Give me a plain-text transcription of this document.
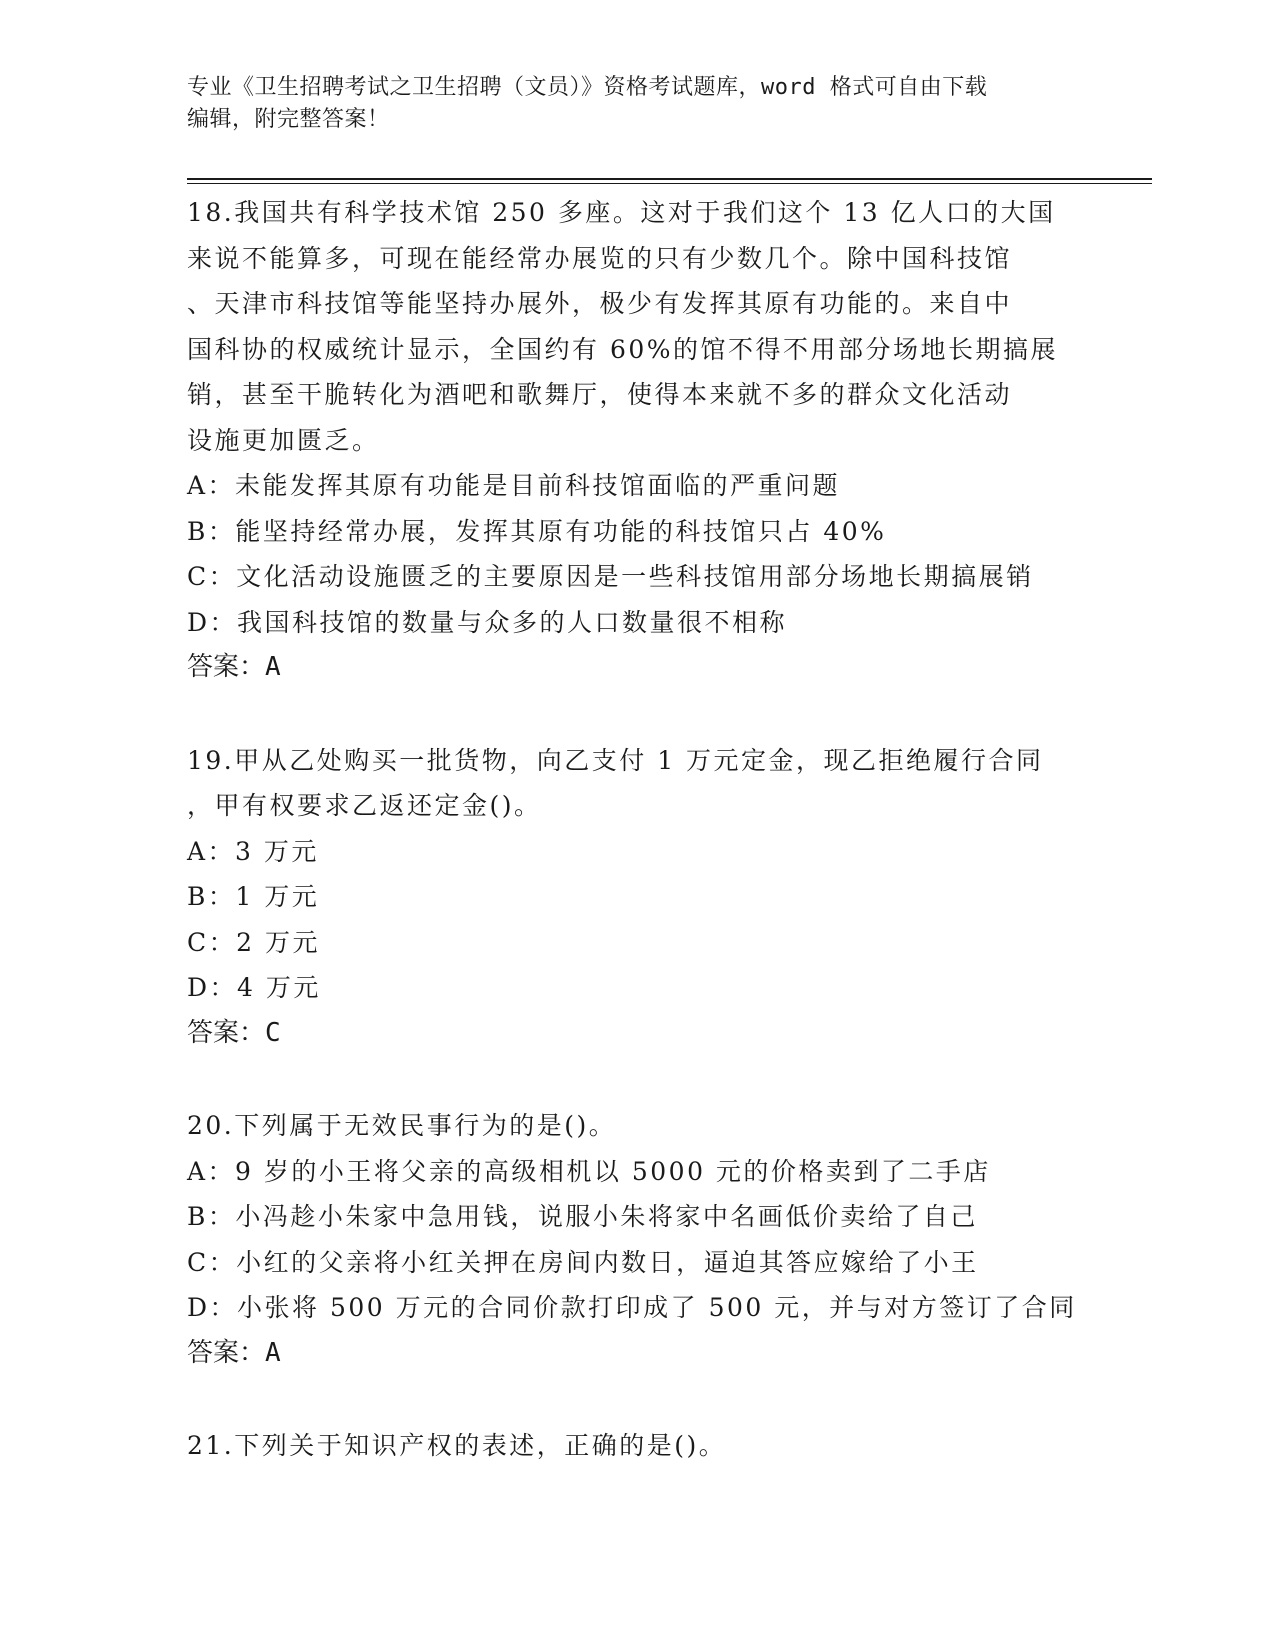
专业《卫生招聘考试之卫生招聘（文员）》资格考试题库，word 格式可自由下载
编辑，附完整答案！

18.我国共有科学技术馆 250 多座。这对于我们这个 13 亿人口的大国

来说不能算多，可现在能经常办展览的只有少数几个。除中国科技馆

、天津市科技馆等能坚持办展外，极少有发挥其原有功能的。来自中

国科协的权威统计显示，全国约有 60%的馆不得不用部分场地长期搞展

销，甚至干脆转化为酒吧和歌舞厅，使得本来就不多的群众文化活动

设施更加匮乏。

A：未能发挥其原有功能是目前科技馆面临的严重问题

B：能坚持经常办展，发挥其原有功能的科技馆只占 40%

C：文化活动设施匮乏的主要原因是一些科技馆用部分场地长期搞展销

D：我国科技馆的数量与众多的人口数量很不相称

答案：A

19.甲从乙处购买一批货物，向乙支付 1 万元定金，现乙拒绝履行合同

，甲有权要求乙返还定金()。

A：3 万元

B：1 万元

C：2 万元

D：4 万元

答案：C

20.下列属于无效民事行为的是()。

A：9 岁的小王将父亲的高级相机以 5000 元的价格卖到了二手店

B：小冯趁小朱家中急用钱，说服小朱将家中名画低价卖给了自己

C：小红的父亲将小红关押在房间内数日，逼迫其答应嫁给了小王

D：小张将 500 万元的合同价款打印成了 500 元，并与对方签订了合同

答案：A

21.下列关于知识产权的表述，正确的是()。
